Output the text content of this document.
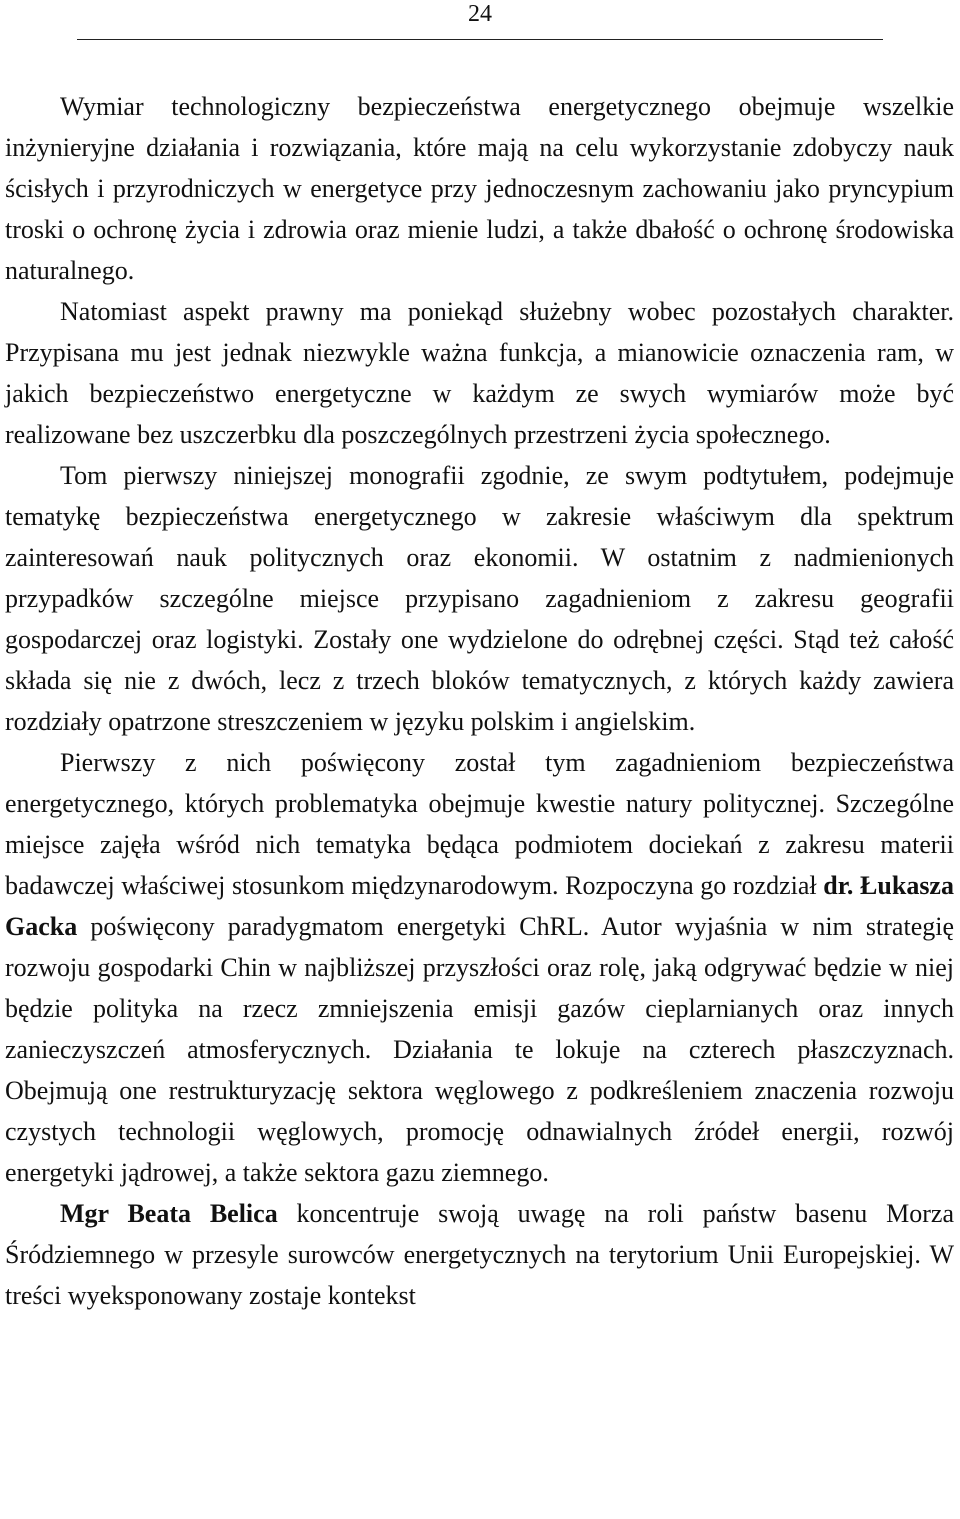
24

Wymiar technologiczny bezpieczeństwa energetycznego obejmuje wszelkie inżynieryjne działania i rozwiązania, które mają na celu wykorzystanie zdobyczy nauk ścisłych i przyrodniczych w energetyce przy jednoczesnym zachowaniu jako pryncypium troski o ochronę życia i zdrowia oraz mienie ludzi, a także dbałość o ochronę środowiska naturalnego.

Natomiast aspekt prawny ma poniekąd służebny wobec pozostałych charakter. Przypisana mu jest jednak niezwykle ważna funkcja, a mianowicie oznaczenia ram, w jakich bezpieczeństwo energetyczne w każdym ze swych wymiarów może być realizowane bez uszczerbku dla poszczególnych przestrzeni życia społecznego.

Tom pierwszy niniejszej monografii zgodnie, ze swym podtytułem, podejmuje tematykę bezpieczeństwa energetycznego w zakresie właściwym dla spektrum zainteresowań nauk politycznych oraz ekonomii. W ostatnim z nadmienionych przypadków szczególne miejsce przypisano zagadnieniom z zakresu geografii gospodarczej oraz logistyki. Zostały one wydzielone do odrębnej części. Stąd też całość składa się nie z dwóch, lecz z trzech bloków tematycznych, z których każdy zawiera rozdziały opatrzone streszczeniem w języku polskim i angielskim.

Pierwszy z nich poświęcony został tym zagadnieniom bezpieczeństwa energetycznego, których problematyka obejmuje kwestie natury politycznej. Szczególne miejsce zajęła wśród nich tematyka będąca podmiotem dociekań z zakresu materii badawczej właściwej stosunkom międzynarodowym. Rozpoczyna go rozdział dr. Łukasza Gacka poświęcony paradygmatom energetyki ChRL. Autor wyjaśnia w nim strategię rozwoju gospodarki Chin w najbliższej przyszłości oraz rolę, jaką odgrywać będzie w niej będzie polityka na rzecz zmniejszenia emisji gazów cieplarnianych oraz innych zanieczyszczeń atmosferycznych. Działania te lokuje na czterech płaszczyznach. Obejmują one restrukturyzację sektora węglowego z podkreśleniem znaczenia rozwoju czystych technologii węglowych, promocję odnawialnych źródeł energii, rozwój energetyki jądrowej, a także sektora gazu ziemnego.

Mgr Beata Belica koncentruje swoją uwagę na roli państw basenu Morza Śródziemnego w przesyle surowców energetycznych na terytorium Unii Europejskiej. W treści wyeksponowany zostaje kontekst
